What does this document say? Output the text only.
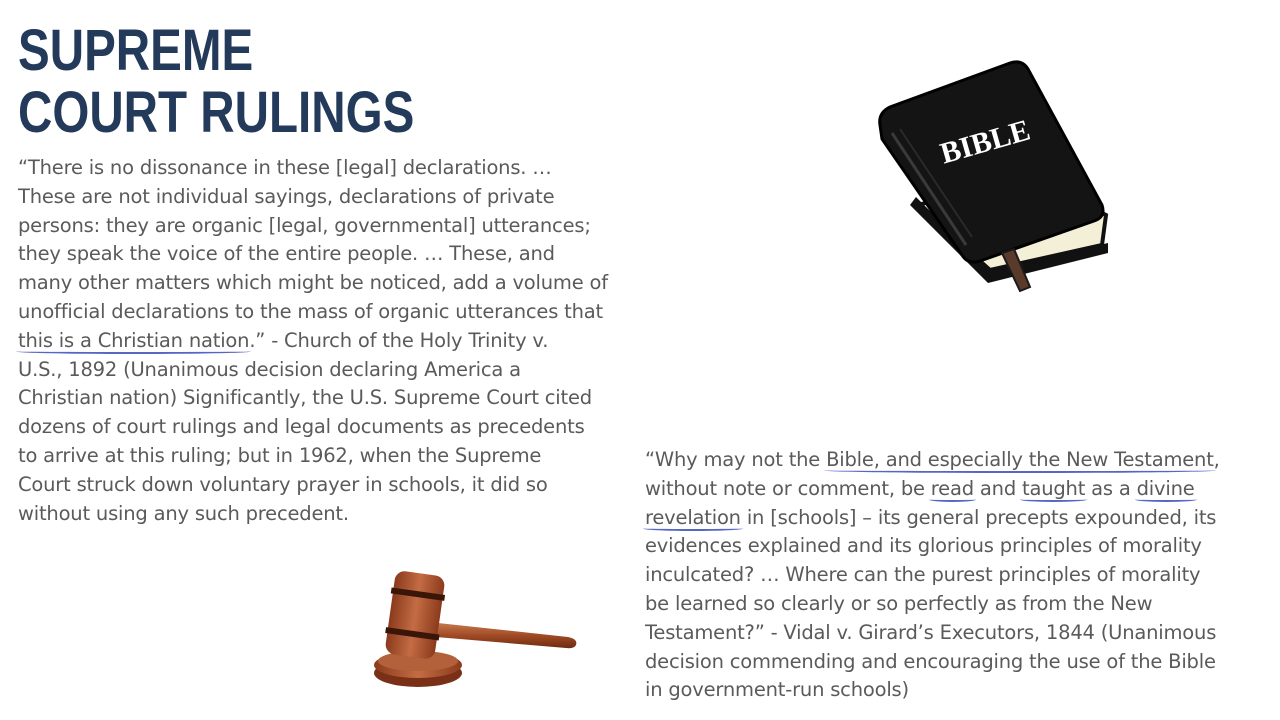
SUPREME
COURT RULINGS

“There is no dissonance in these [legal] declarations. …
These are not individual sayings, declarations of private
persons: they are organic [legal, governmental] utterances;
they speak the voice of the entire people. … These, and
many other matters which might be noticed, add a volume of
unofficial declarations to the mass of organic utterances that
this is a Christian nation.” - Church of the Holy Trinity v.
U.S., 1892 (Unanimous decision declaring America a
Christian nation) Significantly, the U.S. Supreme Court cited
dozens of court rulings and legal documents as precedents
to arrive at this ruling; but in 1962, when the Supreme
Court struck down voluntary prayer in schools, it did so
without using any such precedent.

“Why may not the Bible, and especially the New Testament,
without note or comment, be read and taught as a divine
revelation in [schools] – its general precepts expounded, its
evidences explained and its glorious principles of morality
inculcated? … Where can the purest principles of morality
be learned so clearly or so perfectly as from the New
Testament?” - Vidal v. Girard’s Executors, 1844 (Unanimous
decision commending and encouraging the use of the Bible
in government-run schools)

BIBLE
